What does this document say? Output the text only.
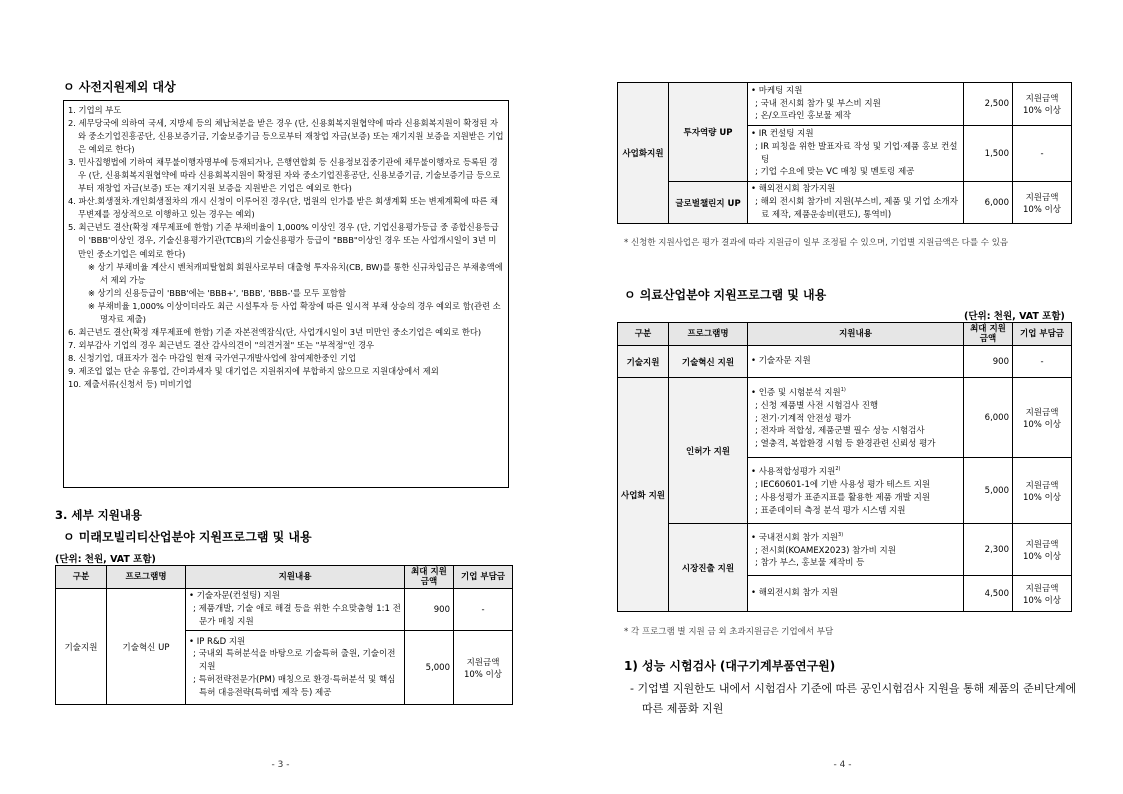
ㅇ 사전지원제외 대상
1. 기업의 부도
2. 세무당국에 의하여 국세, 지방세 등의 체납처분을 받은 경우 (단, 신용회복지원협약에 따라 신용회복지원이 확정된 자와 중소기업진흥공단, 신용보증기금, 기술보증기금 등으로부터 재창업 자금(보증) 또는 재기지원 보증을 지원받은 기업은 예외로 한다)
3. 민사집행법에 기하여 채무불이행자명부에 등재되거나, 은행연합회 등 신용정보집중기관에 채무불이행자로 등록된 경우 (단, 신용회복지원협약에 따라 신용회복지원이 확정된 자와 중소기업진흥공단, 신용보증기금, 기술보증기금 등으로부터 재창업 자금(보증) 또는 재기지원 보증을 지원받은 기업은 예외로 한다)
4. 파산.회생절차.개인회생절차의 개시 신청이 이루어진 경우(단, 법원의 인가를 받은 회생계획 또는 변제계획에 따른 채무변제를 정상적으로 이행하고 있는 경우는 예외)
5. 최근년도 결산(확정 재무제표에 한함) 기준 부채비율이 1,000% 이상인 경우 (단, 기업신용평가등급 중 종합신용등급이 'BBB'이상인 경우, 기술신용평가기관(TCB)의 기술신용평가 등급이 "BBB"이상인 경우 또는 사업개시일이 3년 미만인 중소기업은 예외로 한다)
※ 상기 부채비율 계산시 벤처캐피탈협회 회원사로부터 대출형 투자유치(CB, BW)를 통한 신규차입금은 부채총액에서 제외 가능
※ 상기의 신용등급이 'BBB'에는 'BBB+', 'BBB', 'BBB-'를 모두 포함함
※ 부채비율 1,000% 이상이더라도 최근 시설투자 등 사업 확장에 따른 일시적 부채 상승의 경우 예외로 함(관련 소명자료 제출)
6. 최근년도 결산(확정 재무제표에 한함) 기준 자본전액잠식(단, 사업개시일이 3년 미만인 중소기업은 예외로 한다)
7. 외부감사 기업의 경우 최근년도 결산 감사의견이 "의견거절" 또는 "부적정"인 경우
8. 신청기업, 대표자가 접수 마감일 현재 국가연구개발사업에 참여제한중인 기업
9. 제조업 없는 단순 유통업, 간이과세자 및 대기업은 지원취지에 부합하지 않으므로 지원대상에서 제외
10. 제출서류(신청서 등) 미비기업
3. 세부 지원내용
ㅇ 미래모빌리티산업분야 지원프로그램 및 내용
(단위: 천원, VAT 포함)
구분	프로그램명	지원내용	최대 지원금액	기업 부담금
기술지원	기술혁신 UP	• 기술자문(컨설팅) 지원
; 제품개발, 기술 애로 해결 등을 위한 수요맞춤형 1:1 전문가 매칭 지원	900	-

		• IP R&D 지원
; 국내외 특허분석을 바탕으로 기술특허 출원, 기술이전 지원
; 특허전략전문가(PM) 매칭으로 환경·특허분석 및 핵심특허 대응전략(특허맵 제작 등) 제공	5,000	지원금액 10% 이상
- 3 -
사업화지원	투자역량 UP	• 마케팅 지원
; 국내 전시회 참가 및 부스비 지원
; 온/오프라인 홍보물 제작	2,500	지원금액 10% 이상

		• IR 컨설팅 지원
; IR 피칭을 위한 발표자료 작성 및 기업·제품 홍보 컨설팅
; 기업 수요에 맞는 VC 매칭 및 멘토링 제공	1,500	-
	글로벌챌린지 UP	• 해외전시회 참가지원
; 해외 전시회 참가비 지원(부스비, 제품 및 기업 소개자료 제작, 제품운송비(편도), 통역비)	6,000	지원금액 10% 이상
* 신청한 지원사업은 평가 결과에 따라 지원금이 일부 조정될 수 있으며, 기업별 지원금액은 다를 수 있음
ㅇ 의료산업분야 지원프로그램 및 내용
(단위: 천원, VAT 포함)
구분	프로그램명	지원내용	최대 지원금액	기업 부담금
기술지원	기술혁신 지원	• 기술자문 지원	900	-
사업화 지원	인허가 지원	• 인증 및 시험분석 지원$^{1)}$
; 신청 제품별 사전 시험검사 진행
; 전기·기계적 안전성 평가
; 전자파 적합성, 제품군별 필수 성능 시험검사
; 열충격, 복합환경 시험 등 환경관련 신뢰성 평가	6,000	지원금액 10% 이상

		• 사용적합성평가 지원$^{2)}$
; IEC60601-1에 기반 사용성 평가 테스트 지원
; 사용성평가 표준지표를 활용한 제품 개발 지원
; 표준데이터 측정 분석 평가 시스템 지원	5,000	지원금액 10% 이상
	시장진출 지원	• 국내전시회 참가 지원$^{3)}$
; 전시회(KOAMEX2023) 참가비 지원
; 참가 부스, 홍보물 제작비 등	2,300	지원금액 10% 이상
		• 해외전시회 참가 지원	4,500	지원금액 10% 이상
* 각 프로그램 별 지원 금 외 초과지원금은 기업에서 부담
1) 성능 시험검사 (대구기계부품연구원)
- 기업별 지원한도 내에서 시험검사 기준에 따른 공인시험검사 지원을 통해 제품의 준비단계에 따른 제품화 지원
- 4 -
